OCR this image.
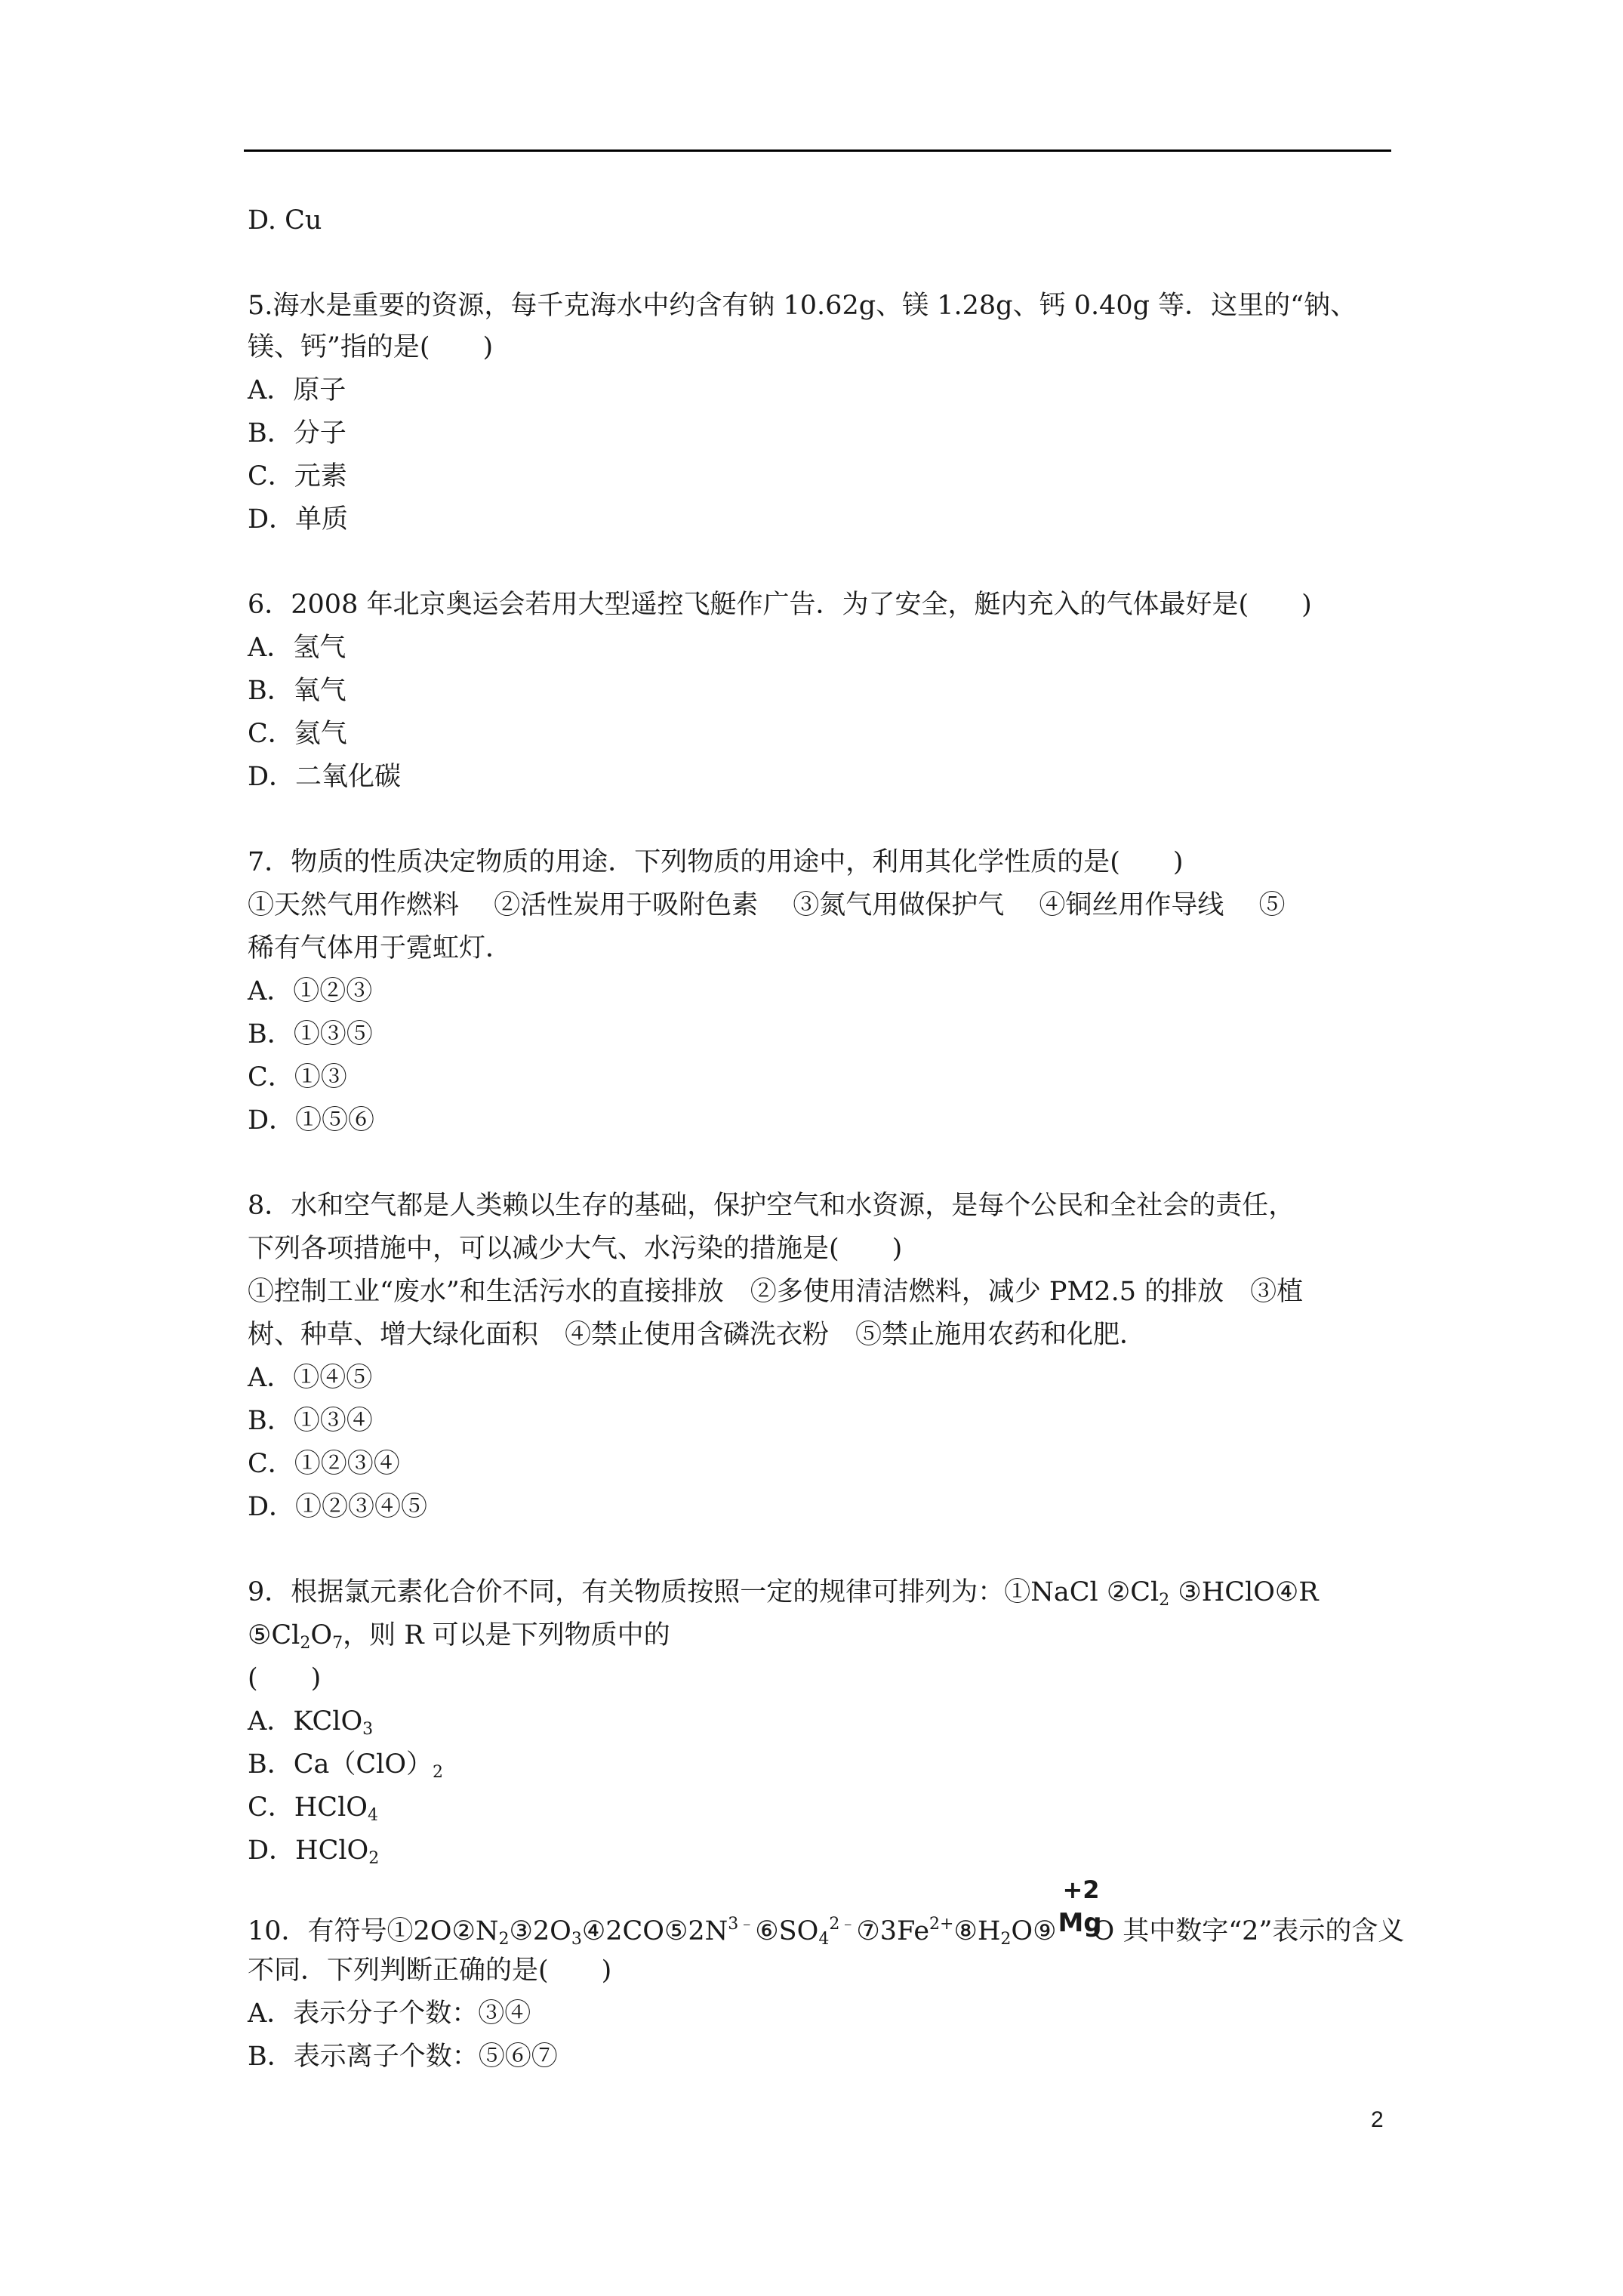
D. Cu
5.海水是重要的资源，每千克海水中约含有钠 10.62g、镁 1.28g、钙 0.40g 等．这里的“钠、
镁、钙”指的是(　　)
A．原子
B．分子
C．元素
D．单质
6．2008 年北京奥运会若用大型遥控飞艇作广告．为了安全，艇内充入的气体最好是(　　)
A．氢气
B．氧气
C．氦气
D．二氧化碳
7．物质的性质决定物质的用途．下列物质的用途中，利用其化学性质的是(　　)
①天然气用作燃料　 ②活性炭用于吸附色素　 ③氮气用做保护气　 ④铜丝用作导线　 ⑤
稀有气体用于霓虹灯．
A．①②③
B．①③⑤
C．①③
D．①⑤⑥
8．水和空气都是人类赖以生存的基础，保护空气和水资源，是每个公民和全社会的责任，
下列各项措施中，可以减少大气、水污染的措施是(　　)
①控制工业“废水”和生活污水的直接排放　②多使用清洁燃料，减少 PM2.5 的排放　③植
树、种草、增大绿化面积　④禁止使用含磷洗衣粉　⑤禁止施用农药和化肥．
A．①④⑤
B．①③④
C．①②③④
D．①②③④⑤
9．根据氯元素化合价不同，有关物质按照一定的规律可排列为：①NaCl $②Cl_2$ ③HClO④R
$⑤Cl_2O_7$，则 R 可以是下列物质中的
(　　)
A．KClO$_3$
B．$Ca(ClO)_2$
C．HClO$_4$
D．HClO$_2$
10．有符号$①2O②N_2③2O_3④2CO⑤2N^{3﹣}⑥SO_4^{2﹣}⑦3Fe^{2+}⑧H_2O⑨$
+2
Mg
O 其中数字“2”表示的含义
不同．下列判断正确的是(　　)
A．表示分子个数：③④
B．表示离子个数：⑤⑥⑦
2
